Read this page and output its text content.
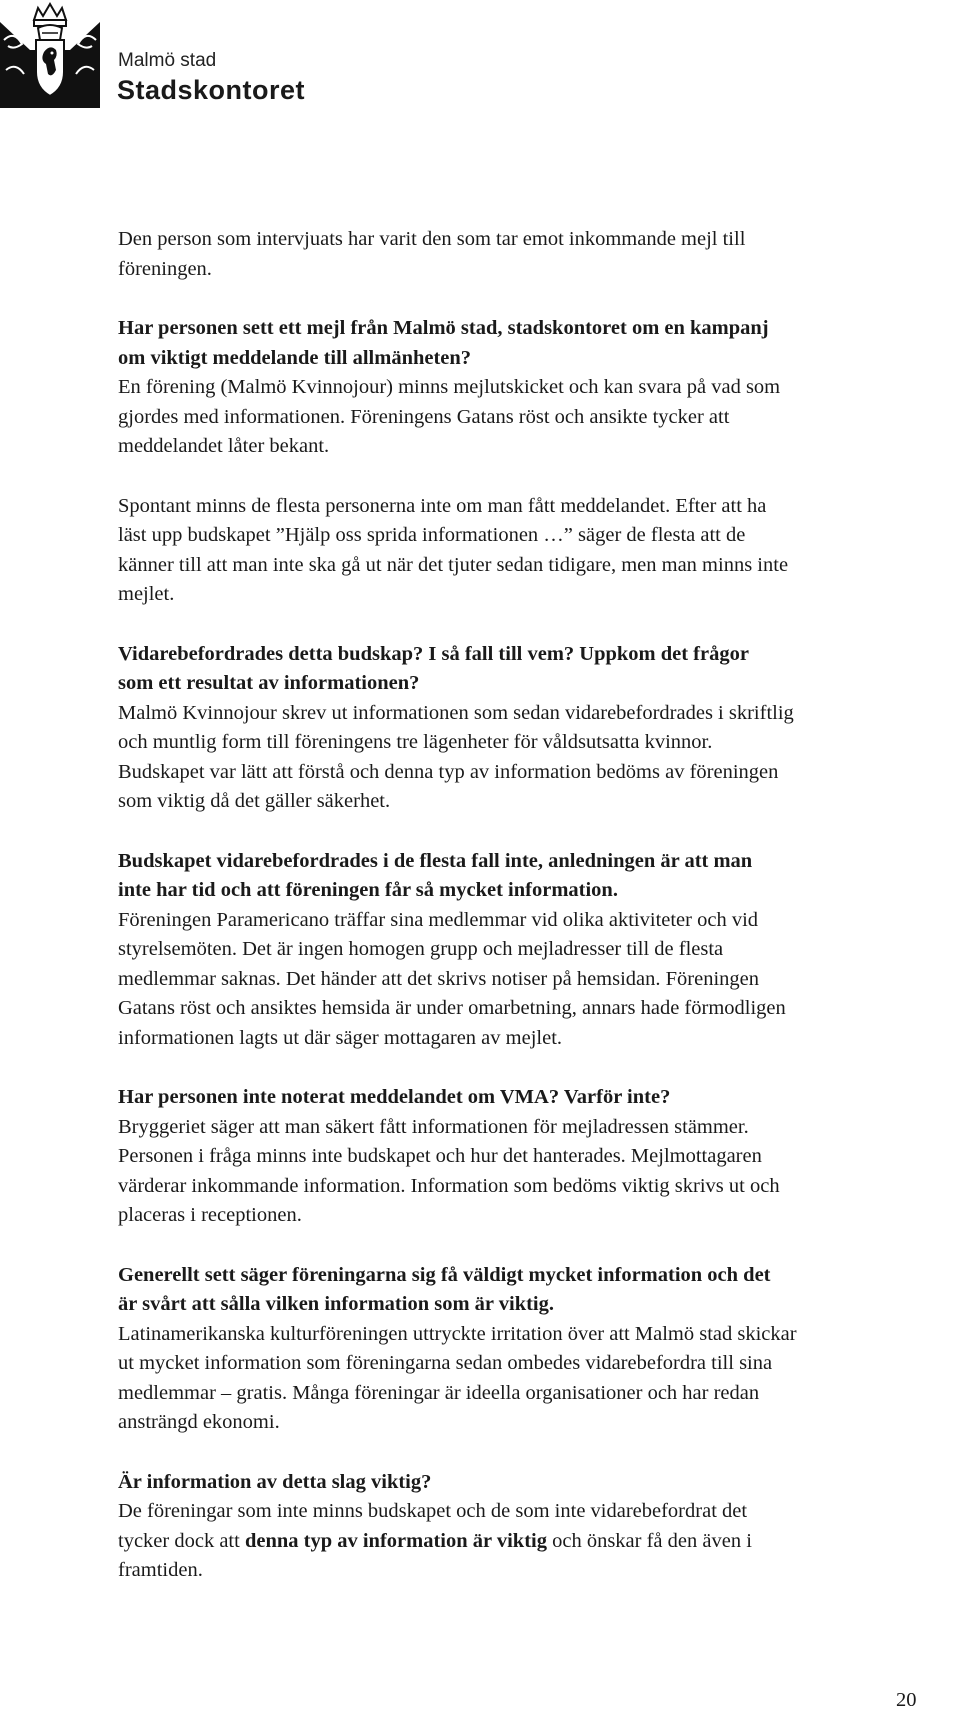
Malmö stad
Stadskontoret

Den person som intervjuats har varit den som tar emot inkommande mejl till
föreningen.

Har personen sett ett mejl från Malmö stad, stadskontoret om en kampanj
om viktigt meddelande till allmänheten?

En förening (Malmö Kvinnojour) minns mejlutskicket och kan svara på vad som
gjordes med informationen. Föreningens Gatans röst och ansikte tycker att
meddelandet låter bekant.

Spontant minns de flesta personerna inte om man fått meddelandet. Efter att ha
läst upp budskapet ”Hjälp oss sprida informationen …” säger de flesta att de
känner till att man inte ska gå ut när det tjuter sedan tidigare, men man minns inte
mejlet.

Vidarebefordrades detta budskap? I så fall till vem? Uppkom det frågor
som ett resultat av informationen?

Malmö Kvinnojour skrev ut informationen som sedan vidarebefordrades i skriftlig
och muntlig form till föreningens tre lägenheter för våldsutsatta kvinnor.

Budskapet var lätt att förstå och denna typ av information bedöms av föreningen
som viktig då det gäller säkerhet.

Budskapet vidarebefordrades i de flesta fall inte, anledningen är att man
inte har tid och att föreningen får så mycket information.

Föreningen Paramericano träffar sina medlemmar vid olika aktiviteter och vid
styrelsemöten. Det är ingen homogen grupp och mejladresser till de flesta
medlemmar saknas. Det händer att det skrivs notiser på hemsidan. Föreningen
Gatans röst och ansiktes hemsida är under omarbetning, annars hade förmodligen
informationen lagts ut där säger mottagaren av mejlet.

Har personen inte noterat meddelandet om VMA? Varför inte?

Bryggeriet säger att man säkert fått informationen för mejladressen stämmer.
Personen i fråga minns inte budskapet och hur det hanterades. Mejlmottagaren
värderar inkommande information. Information som bedöms viktig skrivs ut och
placeras i receptionen.

Generellt sett säger föreningarna sig få väldigt mycket information och det
är svårt att sålla vilken information som är viktig.

Latinamerikanska kulturföreningen uttryckte irritation över att Malmö stad skickar
ut mycket information som föreningarna sedan ombedes vidarebefordra till sina
medlemmar – gratis. Många föreningar är ideella organisationer och har redan
ansträngd ekonomi.

Är information av detta slag viktig?

De föreningar som inte minns budskapet och de som inte vidarebefordrat det
tycker dock att denna typ av information är viktig och önskar få den även i
framtiden.

20
